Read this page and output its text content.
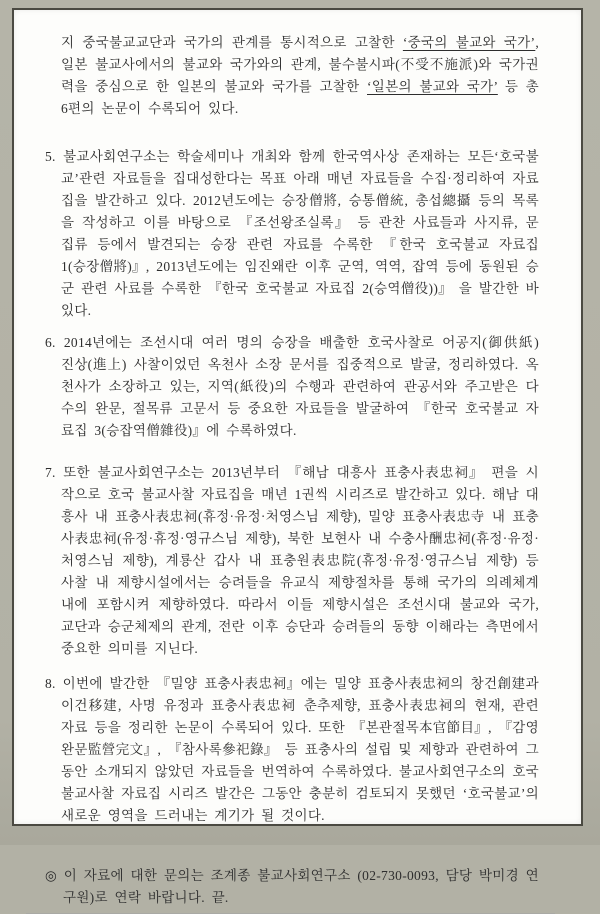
지 중국불교교단과 국가의 관계를 통시적으로 고찰한 ‘중국의 불교와 국가’, 일본 불교사에서의 불교와 국가와의 관계, 불수불시파(不受不施派)와 국가권력을 중심으로 한 일본의 불교와 국가를 고찰한 ‘일본의 불교와 국가’ 등 총 6편의 논문이 수록되어 있다.
5. 불교사회연구소는 학술세미나 개최와 함께 한국역사상 존재하는 모든‘호국불교’관련 자료들을 집대성한다는 목표 아래 매년 자료들을 수집·정리하여 자료집을 발간하고 있다. 2012년도에는 승장僧將, 승통僧統, 총섭總攝 등의 목록을 작성하고 이를 바탕으로 『조선왕조실록』 등 관찬 사료들과 사지류, 문집류 등에서 발견되는 승장 관련 자료를 수록한 『한국 호국불교 자료집 1(승장僧將)』, 2013년도에는 임진왜란 이후 군역, 역역, 잡역 등에 동원된 승군 관련 사료를 수록한 『한국 호국불교 자료집 2(승역僧役))』 을 발간한 바 있다.
6. 2014년에는 조선시대 여러 명의 승장을 배출한 호국사찰로 어공지(御供紙) 진상(進上) 사찰이었던 옥천사 소장 문서를 집중적으로 발굴, 정리하였다. 옥천사가 소장하고 있는, 지역(紙役)의 수행과 관련하여 관공서와 주고받은 다수의 완문, 절목류 고문서 등 중요한 자료들을 발굴하여 『한국 호국불교 자료집 3(승잡역僧雜役)』에 수록하였다.
7. 또한 불교사회연구소는 2013년부터 『해남 대흥사 표충사表忠祠』 편을 시작으로 호국 불교사찰 자료집을 매년 1권씩 시리즈로 발간하고 있다. 해남 대흥사 내 표충사表忠祠(휴정·유정·처영스님 제향), 밀양 표충사表忠寺 내 표충사表忠祠(유정·휴정·영규스님 제향), 북한 보현사 내 수충사酬忠祠(휴정·유정·처영스님 제향), 계룡산 갑사 내 표충원表忠院(휴정·유정·영규스님 제향) 등 사찰 내 제향시설에서는 승려들을 유교식 제향절차를 통해 국가의 의례체계 내에 포함시켜 제향하였다. 따라서 이들 제향시설은 조선시대 불교와 국가, 교단과 승군체제의 관계, 전란 이후 승단과 승려들의 동향 이해라는 측면에서 중요한 의미를 지닌다.
8. 이번에 발간한 『밀양 표충사表忠祠』에는 밀양 표충사表忠祠의 창건創建과 이건移建, 사명 유정과 표충사表忠祠 춘추제향, 표충사表忠祠의 현재, 관련 자료 등을 정리한 논문이 수록되어 있다. 또한 『본관절목本官節目』, 『감영완문監營完文』, 『참사록參祀錄』 등 표충사의 설립 및 제향과 관련하여 그 동안 소개되지 않았던 자료들을 번역하여 수록하였다. 불교사회연구소의 호국불교사찰 자료집 시리즈 발간은 그동안 충분히 검토되지 못했던 ‘호국불교’의 새로운 영역을 드러내는 계기가 될 것이다.
◎ 이 자료에 대한 문의는 조계종 불교사회연구소 (02-730-0093, 담당 박미경 연구원)로 연락 바랍니다. 끝.
